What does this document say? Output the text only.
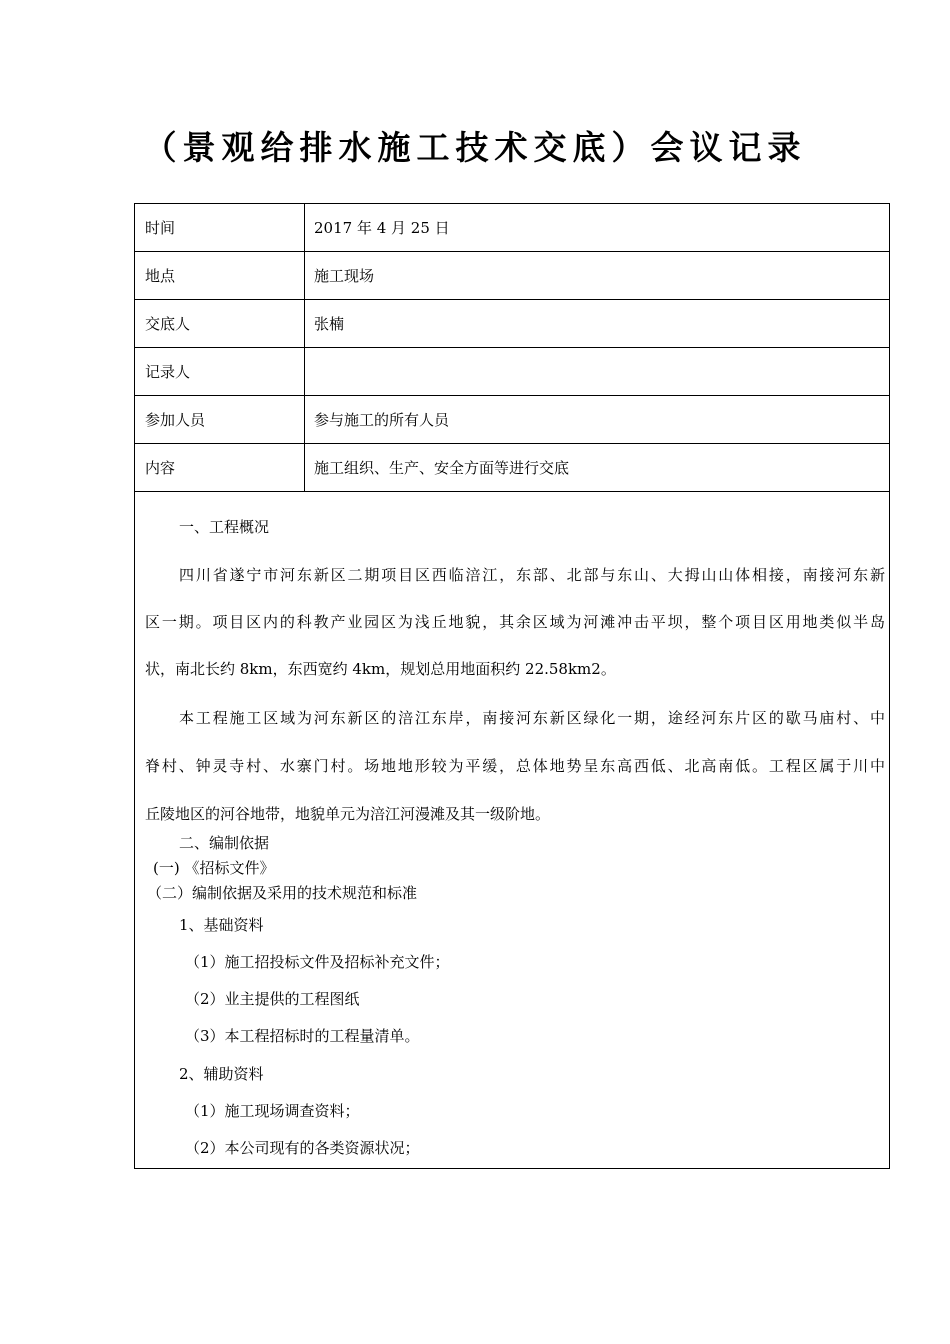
（景观给排水施工技术交底）会议记录
时间	2017 年 4 月 25 日
地点	施工现场
交底人	张楠
记录人
参加人员	参与施工的所有人员
内容	施工组织、生产、安全方面等进行交底
一、工程概况
四川省遂宁市河东新区二期项目区西临涪江，东部、北部与东山、大拇山山体相接，南接河东新
区一期。项目区内的科教产业园区为浅丘地貌，其余区域为河滩冲击平坝，整个项目区用地类似半岛
状，南北长约 8km，东西宽约 4km，规划总用地面积约 22.58km2。
本工程施工区域为河东新区的涪江东岸，南接河东新区绿化一期，途经河东片区的歇马庙村、中
脊村、钟灵寺村、水寨门村。场地地形较为平缓，总体地势呈东高西低、北高南低。工程区属于川中
丘陵地区的河谷地带，地貌单元为涪江河漫滩及其一级阶地。
二、编制依据
(一) 《招标文件》
（二）编制依据及采用的技术规范和标准
1、基础资料
（1）施工招投标文件及招标补充文件；
（2）业主提供的工程图纸
（3）本工程招标时的工程量清单。
2、辅助资料
（1）施工现场调查资料；
（2）本公司现有的各类资源状况；
